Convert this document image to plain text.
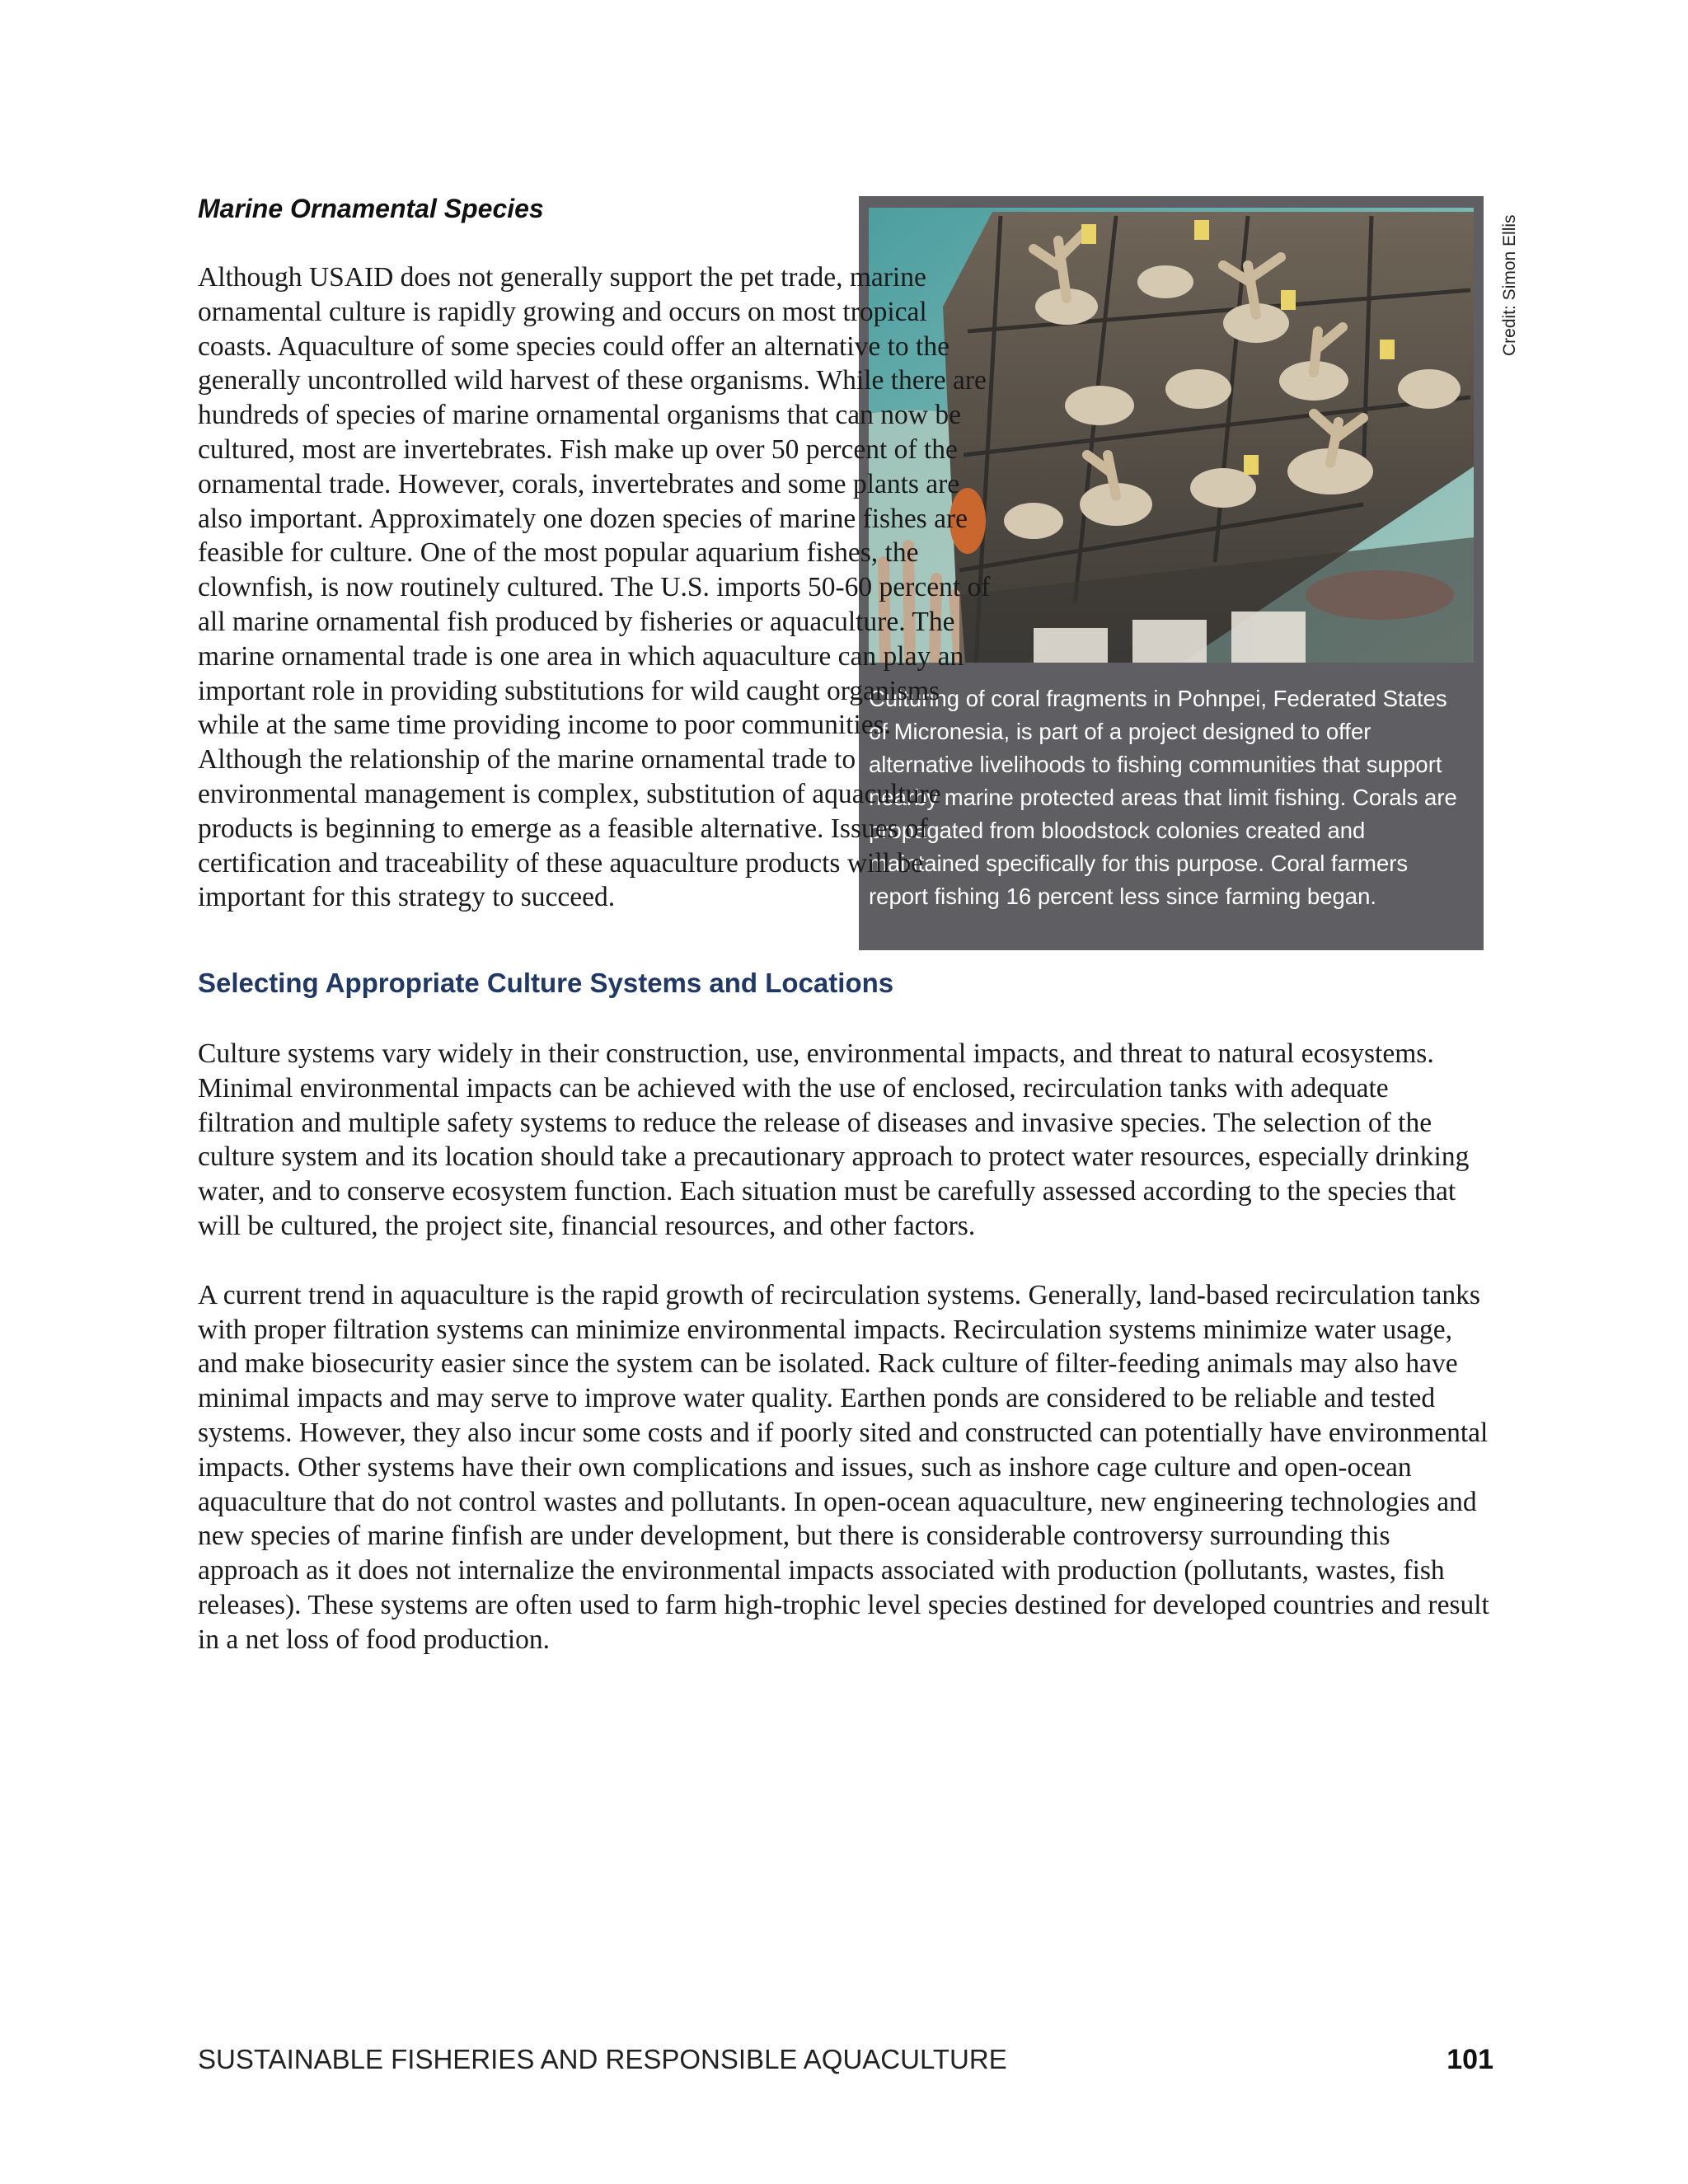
Culturing of coral fragments in Pohnpei, Federated States of Micronesia, is part of a project designed to offer alternative livelihoods to fishing communities that support nearby marine protected areas that limit fishing. Corals are propagated from bloodstock colonies created and maintained specifically for this purpose. Coral farmers report fishing 16 percent less since farming began.

Credit: Simon Ellis
Marine Ornamental Species

Although USAID does not generally support the pet trade, marine ornamental culture is rapidly growing and occurs on most tropical coasts. Aquaculture of some species could offer an alternative to the generally uncontrolled wild harvest of these organisms. While there are hundreds of species of marine ornamental organisms that can now be cultured, most are invertebrates. Fish make up over 50 percent of the ornamental trade. However, corals, invertebrates and some plants are also important. Approximately one dozen species of marine fishes are feasible for culture. One of the most popular aquarium fishes, the clownfish, is now routinely cultured. The U.S. imports 50-60 percent of all marine ornamental fish produced by fisheries or aquaculture. The marine ornamental trade is one area in which aquaculture can play an important role in providing substitutions for wild caught organisms while at the same time providing income to poor communities. Although the relationship of the marine ornamental trade to environmental management is complex, substitution of aquaculture products is beginning to emerge as a feasible alternative. Issues of certification and traceability of these aquaculture products will be important for this strategy to succeed.

Selecting Appropriate Culture Systems and Locations

Culture systems vary widely in their construction, use, environmental impacts, and threat to natural ecosystems. Minimal environmental impacts can be achieved with the use of enclosed, recirculation tanks with adequate filtration and multiple safety systems to reduce the release of diseases and invasive species. The selection of the culture system and its location should take a precautionary approach to protect water resources, especially drinking water, and to conserve ecosystem function. Each situation must be carefully assessed according to the species that will be cultured, the project site, financial resources, and other factors.

A current trend in aquaculture is the rapid growth of recirculation systems. Generally, land-based recirculation tanks with proper filtration systems can minimize environmental impacts. Recirculation systems minimize water usage, and make biosecurity easier since the system can be isolated. Rack culture of filter-feeding animals may also have minimal impacts and may serve to improve water quality. Earthen ponds are considered to be reliable and tested systems. However, they also incur some costs and if poorly sited and constructed can potentially have environmental impacts. Other systems have their own complications and issues, such as inshore cage culture and open-ocean aquaculture that do not control wastes and pollutants. In open-ocean aquaculture, new engineering technologies and new species of marine finfish are under development, but there is considerable controversy surrounding this approach as it does not internalize the environmental impacts associated with production (pollutants, wastes, fish releases). These systems are often used to farm high-trophic level species destined for developed countries and result in a net loss of food production.

SUSTAINABLE FISHERIES AND RESPONSIBLE AQUACULTURE	101
